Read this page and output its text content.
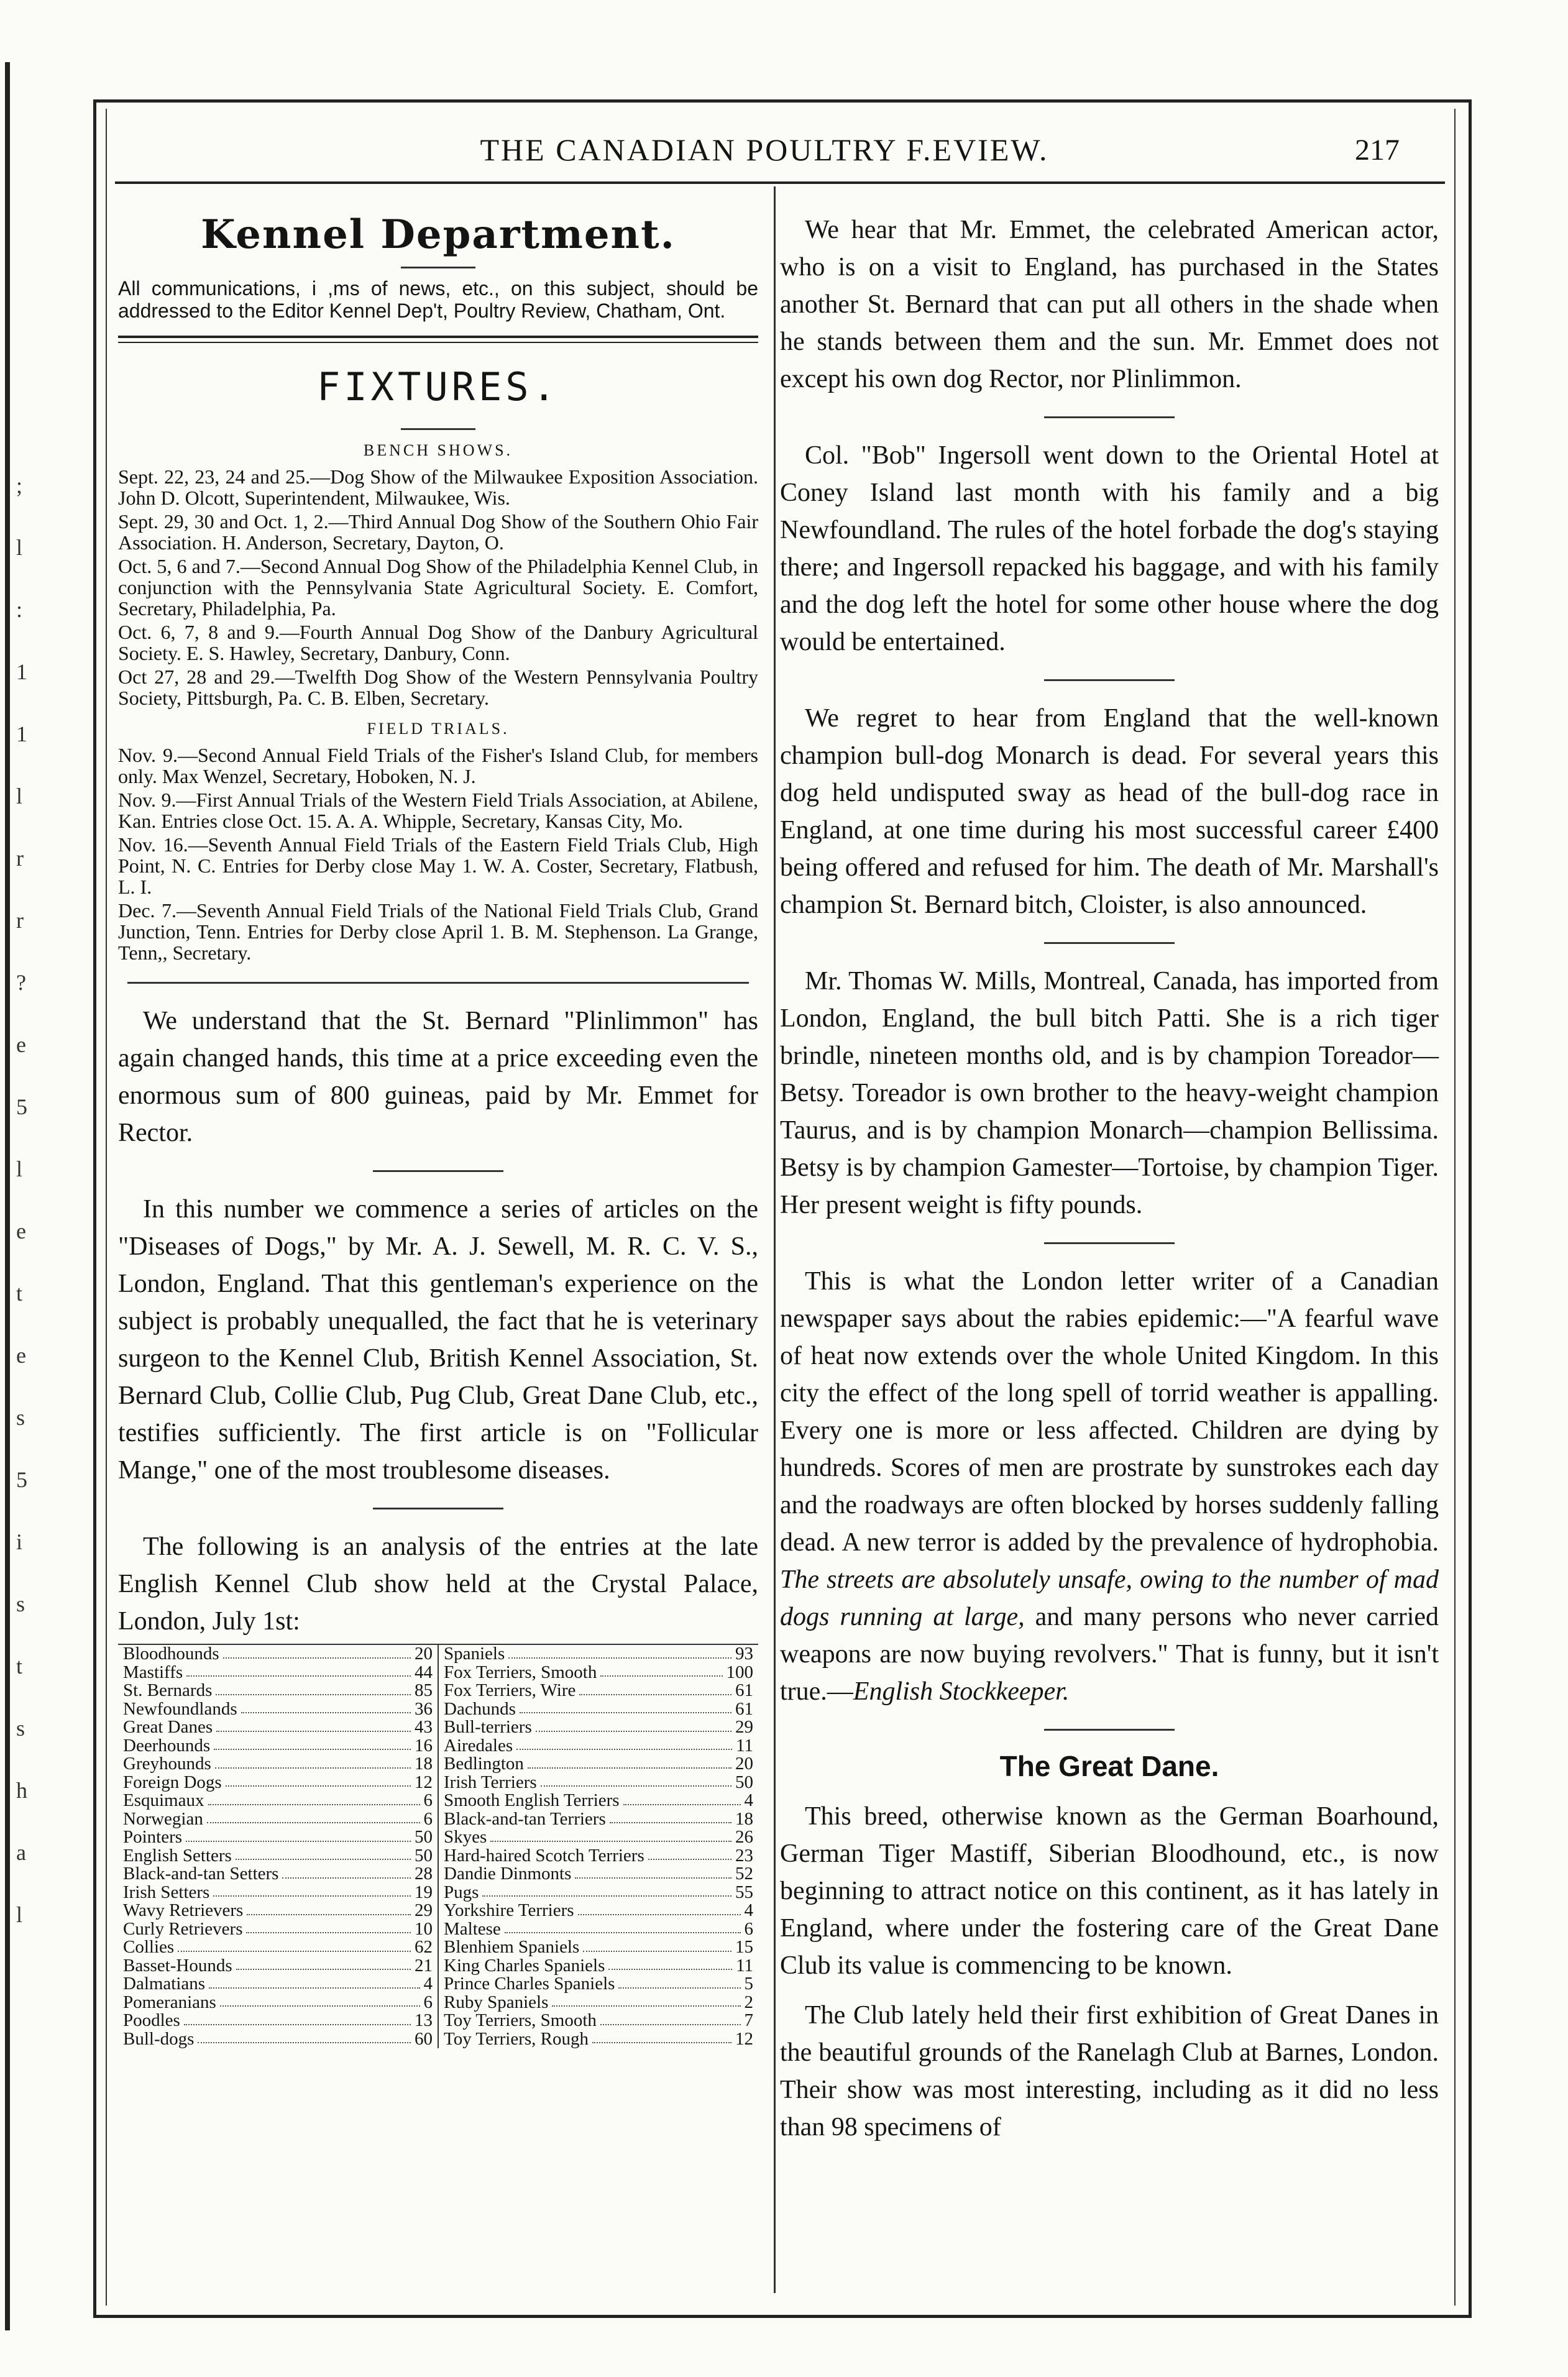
;
l
:
1
1
l
r
r
?
e
5
l
e
t
e
s
5
i
s
t
s
h
a
l
THE CANADIAN POULTRY F.EVIEW.	217
Kennel Department.
All communications, i ,ms of news, etc., on this subject, should be addressed to the Editor Kennel Dep't, Poultry Review, Chatham, Ont.
FIXTURES.
BENCH SHOWS.

Sept. 22, 23, 24 and 25.—Dog Show of the Milwaukee Exposition Association. John D. Olcott, Superintendent, Milwaukee, Wis.

Sept. 29, 30 and Oct. 1, 2.—Third Annual Dog Show of the Southern Ohio Fair Association. H. Anderson, Secretary, Dayton, O.

Oct. 5, 6 and 7.—Second Annual Dog Show of the Philadelphia Kennel Club, in conjunction with the Pennsylvania State Agricultural Society. E. Comfort, Secretary, Philadelphia, Pa.

Oct. 6, 7, 8 and 9.—Fourth Annual Dog Show of the Danbury Agricultural Society. E. S. Hawley, Secretary, Danbury, Conn.

Oct 27, 28 and 29.—Twelfth Dog Show of the Western Pennsylvania Poultry Society, Pittsburgh, Pa. C. B. Elben, Secretary.

FIELD TRIALS.

Nov. 9.—Second Annual Field Trials of the Fisher's Island Club, for members only. Max Wenzel, Secretary, Hoboken, N. J.

Nov. 9.—First Annual Trials of the Western Field Trials Association, at Abilene, Kan. Entries close Oct. 15. A. A. Whipple, Secretary, Kansas City, Mo.

Nov. 16.—Seventh Annual Field Trials of the Eastern Field Trials Club, High Point, N. C. Entries for Derby close May 1. W. A. Coster, Secretary, Flatbush, L. I.

Dec. 7.—Seventh Annual Field Trials of the National Field Trials Club, Grand Junction, Tenn. Entries for Derby close April 1. B. M. Stephenson. La Grange, Tenn,, Secretary.

We understand that the St. Bernard "Plinlimmon" has again changed hands, this time at a price exceeding even the enormous sum of 800 guineas, paid by Mr. Emmet for Rector.

In this number we commence a series of articles on the "Diseases of Dogs," by Mr. A. J. Sewell, M. R. C. V. S., London, England. That this gentleman's experience on the subject is probably unequalled, the fact that he is veterinary surgeon to the Kennel Club, British Kennel Association, St. Bernard Club, Collie Club, Pug Club, Great Dane Club, etc., testifies sufficiently. The first article is on "Follicular Mange," one of the most troublesome diseases.

The following is an analysis of the entries at the late English Kennel Club show held at the Crystal Palace, London, July 1st:

Bloodhounds	20
Mastiffs	44
St. Bernards	85
Newfoundlands	36
Great Danes	43
Deerhounds	16
Greyhounds	18
Foreign Dogs	12
Esquimaux	6
Norwegian	6
Pointers	50
English Setters	50
Black-and-tan Setters	28
Irish Setters	19
Wavy Retrievers	29
Curly Retrievers	10
Collies	62
Basset-Hounds	21
Dalmatians	4
Pomeranians	6
Poodles	13
Bull-dogs	60
Spaniels	93
Fox Terriers, Smooth	100
Fox Terriers, Wire	61
Dachunds	61
Bull-terriers	29
Airedales	11
Bedlington	20
Irish Terriers	50
Smooth English Terriers	4
Black-and-tan Terriers	18
Skyes	26
Hard-haired Scotch Terriers	23
Dandie Dinmonts	52
Pugs	55
Yorkshire Terriers	4
Maltese	6
Blenhiem Spaniels	15
King Charles Spaniels	11
Prince Charles Spaniels	5
Ruby Spaniels	2
Toy Terriers, Smooth	7
Toy Terriers, Rough	12

We hear that Mr. Emmet, the celebrated American actor, who is on a visit to England, has purchased in the States another St. Bernard that can put all others in the shade when he stands between them and the sun. Mr. Emmet does not except his own dog Rector, nor Plinlimmon.

Col. "Bob" Ingersoll went down to the Oriental Hotel at Coney Island last month with his family and a big Newfoundland. The rules of the hotel forbade the dog's staying there; and Ingersoll repacked his baggage, and with his family and the dog left the hotel for some other house where the dog would be entertained.

We regret to hear from England that the well-known champion bull-dog Monarch is dead. For several years this dog held undisputed sway as head of the bull-dog race in England, at one time during his most successful career £400 being offered and refused for him. The death of Mr. Marshall's champion St. Bernard bitch, Cloister, is also announced.

Mr. Thomas W. Mills, Montreal, Canada, has imported from London, England, the bull bitch Patti. She is a rich tiger brindle, nineteen months old, and is by champion Toreador—Betsy. Toreador is own brother to the heavy-weight champion Taurus, and is by champion Monarch—champion Bellissima. Betsy is by champion Gamester—Tortoise, by champion Tiger. Her present weight is fifty pounds.

This is what the London letter writer of a Canadian newspaper says about the rabies epidemic:—"A fearful wave of heat now extends over the whole United Kingdom. In this city the effect of the long spell of torrid weather is appalling. Every one is more or less affected. Children are dying by hundreds. Scores of men are prostrate by sunstrokes each day and the roadways are often blocked by horses suddenly falling dead. A new terror is added by the prevalence of hydrophobia. The streets are absolutely unsafe, owing to the number of mad dogs running at large, and many persons who never carried weapons are now buying revolvers." That is funny, but it isn't true.—English Stockkeeper.

The Great Dane.

This breed, otherwise known as the German Boarhound, German Tiger Mastiff, Siberian Bloodhound, etc., is now beginning to attract notice on this continent, as it has lately in England, where under the fostering care of the Great Dane Club its value is commencing to be known.

The Club lately held their first exhibition of Great Danes in the beautiful grounds of the Ranelagh Club at Barnes, London. Their show was most interesting, including as it did no less than 98 specimens of
